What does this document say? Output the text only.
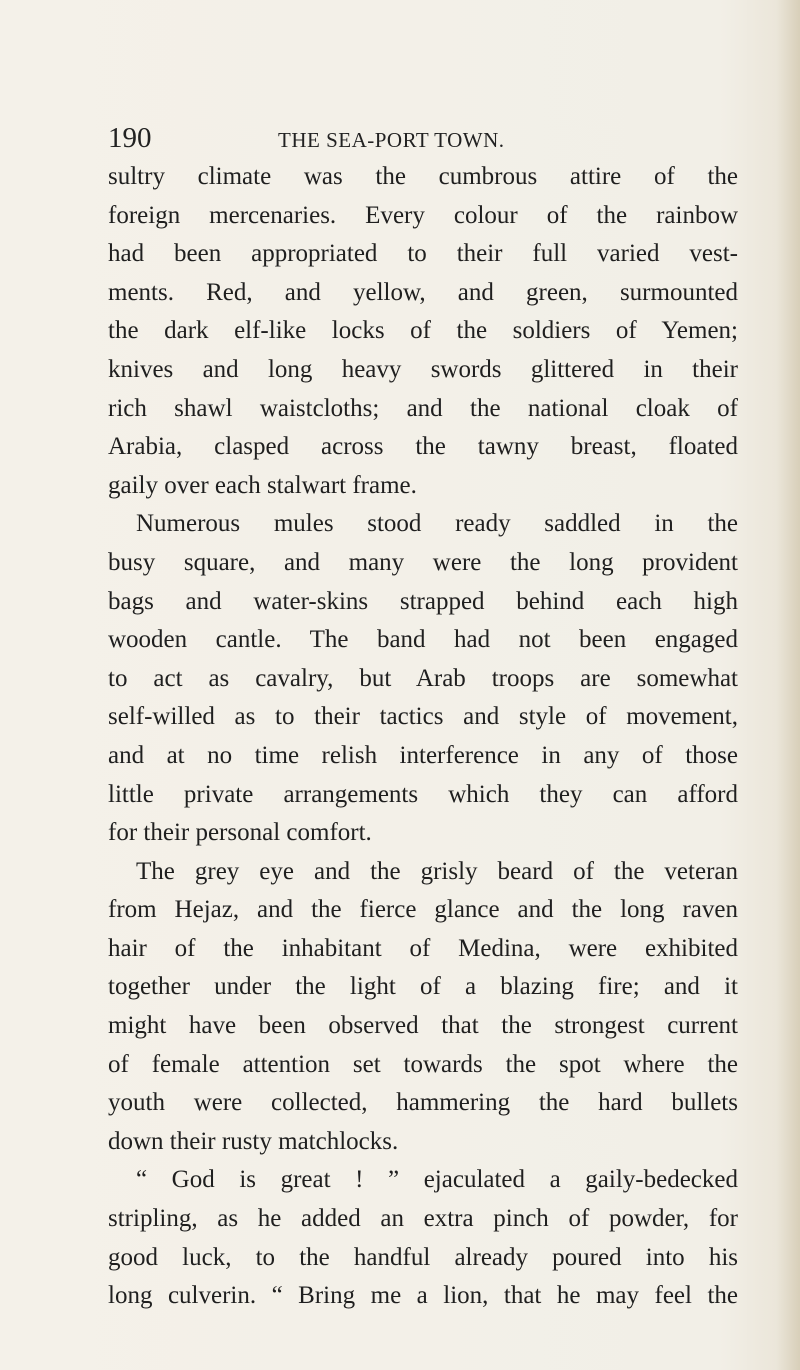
190	THE SEA-PORT TOWN.
sultry climate was the cumbrous attire of the
foreign mercenaries. Every colour of the rainbow
had been appropriated to their full varied vest-
ments. Red, and yellow, and green, surmounted
the dark elf-like locks of the soldiers of Yemen;
knives and long heavy swords glittered in their
rich shawl waistcloths; and the national cloak of
Arabia, clasped across the tawny breast, floated
gaily over each stalwart frame.
Numerous mules stood ready saddled in the
busy square, and many were the long provident
bags and water-skins strapped behind each high
wooden cantle. The band had not been engaged
to act as cavalry, but Arab troops are somewhat
self-willed as to their tactics and style of movement,
and at no time relish interference in any of those
little private arrangements which they can afford
for their personal comfort.
The grey eye and the grisly beard of the veteran
from Hejaz, and the fierce glance and the long raven
hair of the inhabitant of Medina, were exhibited
together under the light of a blazing fire; and it
might have been observed that the strongest current
of female attention set towards the spot where the
youth were collected, hammering the hard bullets
down their rusty matchlocks.
“ God is great ! ” ejaculated a gaily-bedecked
stripling, as he added an extra pinch of powder, for
good luck, to the handful already poured into his
long culverin. “ Bring me a lion, that he may feel the
